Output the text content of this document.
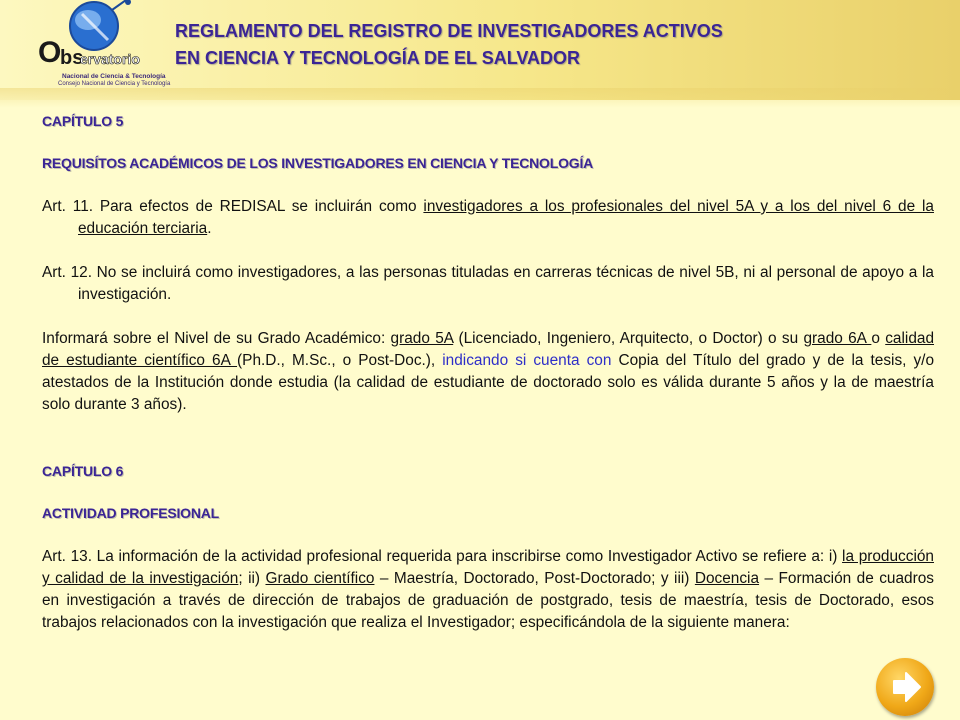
O
bs
ervatorio
Nacional de Ciencia & Tecnología
Consejo Nacional de Ciencia y Tecnología
REGLAMENTO DEL REGISTRO DE INVESTIGADORES ACTIVOS
EN CIENCIA Y TECNOLOGÍA DE EL SALVADOR
CAPÍTULO 5
REQUISÍTOS ACADÉMICOS DE LOS INVESTIGADORES EN CIENCIA Y TECNOLOGÍA

Art. 11. Para efectos de REDISAL se incluirán como investigadores a los profesionales del nivel 5A y a los del nivel 6 de la educación terciaria.

Art. 12. No se incluirá como investigadores, a las personas tituladas en carreras técnicas de nivel 5B, ni al personal de apoyo a la investigación.

Informará sobre el Nivel de su Grado Académico: grado 5A (Licenciado, Ingeniero, Arquitecto, o Doctor) o su grado 6A o calidad de estudiante científico 6A (Ph.D., M.Sc., o Post-Doc.), indicando si cuenta con Copia del Título del grado y de la tesis, y/o atestados de la Institución donde estudia (la calidad de estudiante de doctorado solo es válida durante 5 años y la de maestría solo durante 3 años).

CAPÍTULO 6
ACTIVIDAD PROFESIONAL

Art. 13. La información de la actividad profesional requerida para inscribirse como Investigador Activo se refiere a: i) la producción y calidad de la investigación; ii) Grado científico – Maestría, Doctorado, Post-Doctorado; y iii) Docencia – Formación de cuadros en investigación a través de dirección de trabajos de graduación de postgrado, tesis de maestría, tesis de Doctorado, esos trabajos relacionados con la investigación que realiza el Investigador; especificándola de la siguiente manera:
